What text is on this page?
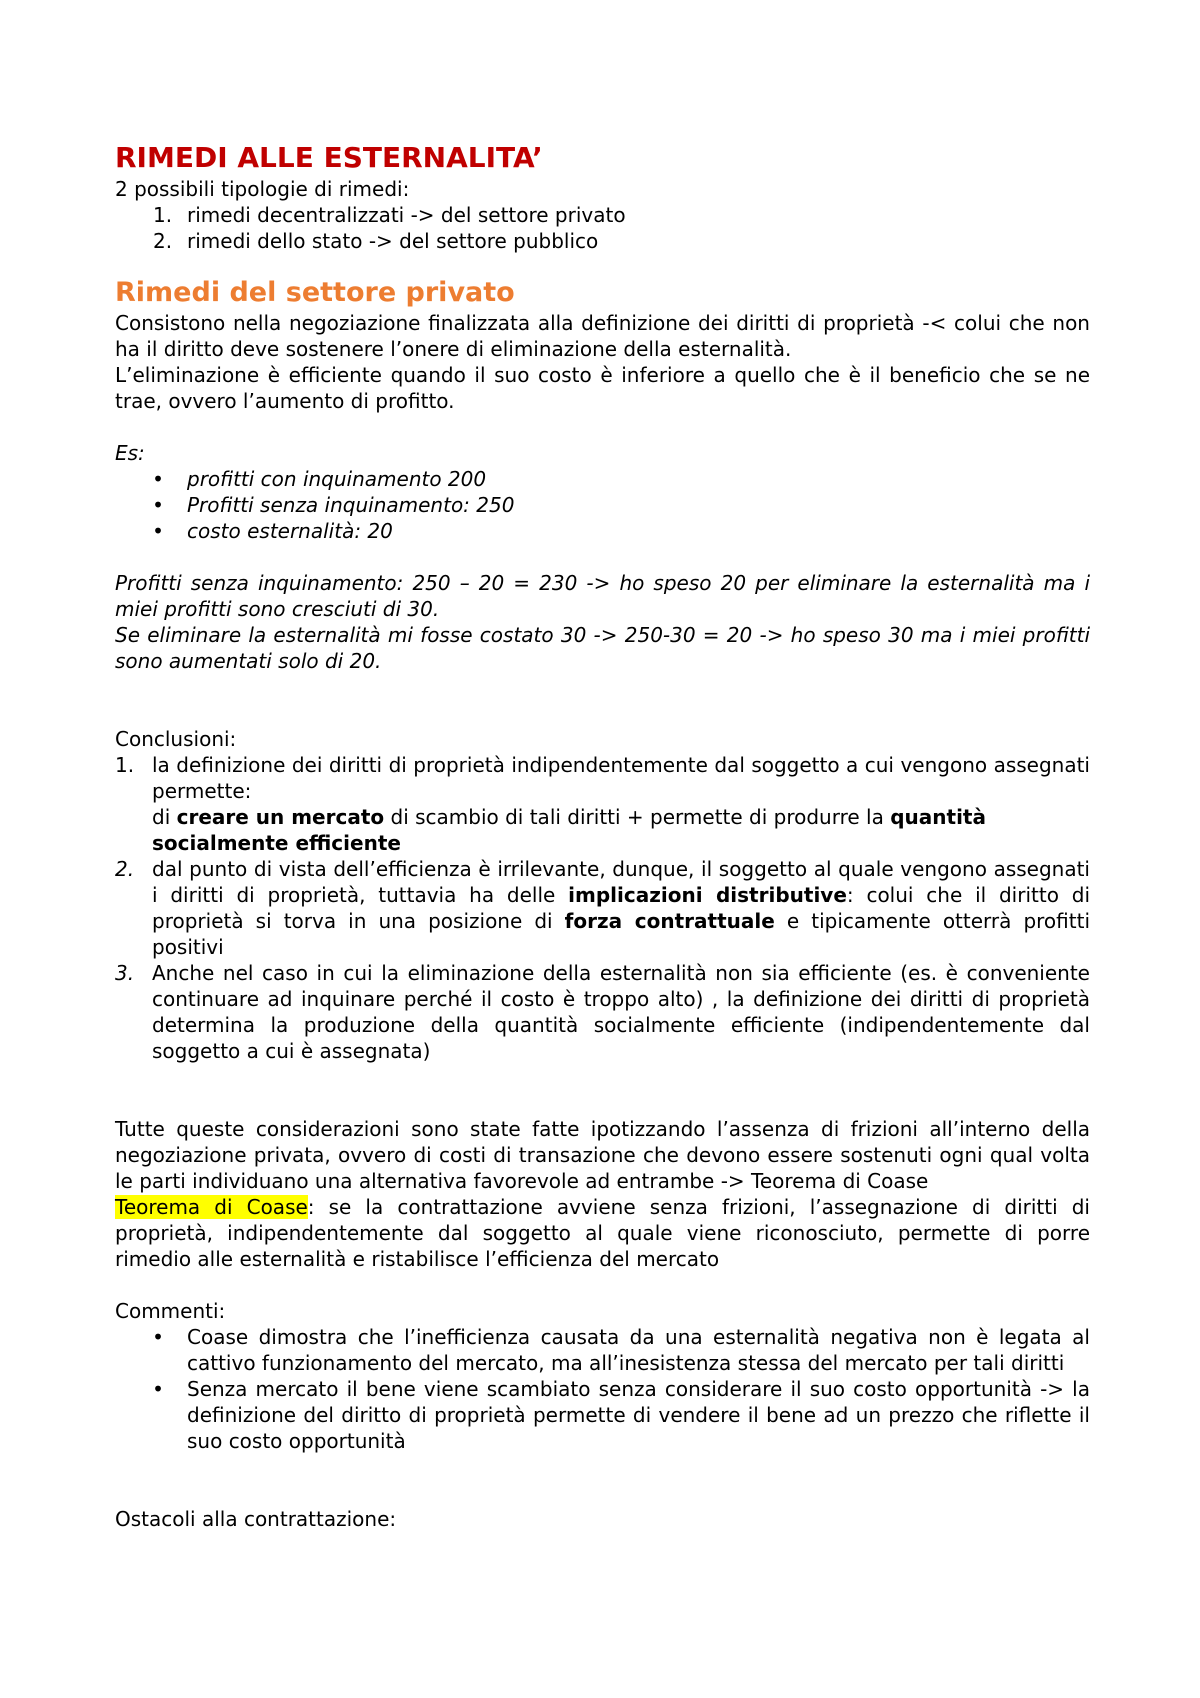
RIMEDI ALLE ESTERNALITA’

2 possibili tipologie di rimedi:

1. rimedi decentralizzati -> del settore privato
2. rimedi dello stato -> del settore pubblico
Rimedi del settore privato

Consistono nella negoziazione finalizzata alla definizione dei diritti di proprietà -< colui che non ha il diritto deve sostenere l’onere di eliminazione della esternalità.

L’eliminazione è efficiente quando il suo costo è inferiore a quello che è il beneficio che se ne trae, ovvero l’aumento di profitto.

Es:

• profitti con inquinamento 200
• Profitti senza inquinamento: 250
• costo esternalità: 20

Profitti senza inquinamento: 250 – 20 = 230 -> ho speso 20 per eliminare la esternalità ma i miei profitti sono cresciuti di 30.

Se eliminare la esternalità mi fosse costato 30 -> 250-30 = 20 -> ho speso 30 ma i miei profitti sono aumentati solo di 20.

Conclusioni:

1. la definizione dei diritti di proprietà indipendentemente dal soggetto a cui vengono assegnati permette:

di creare un mercato di scambio di tali diritti + permette di produrre la quantità socialmente efficiente

2. dal punto di vista dell’efficienza è irrilevante, dunque, il soggetto al quale vengono assegnati i diritti di proprietà, tuttavia ha delle implicazioni distributive: colui che il diritto di proprietà si torva in una posizione di forza contrattuale e tipicamente otterrà profitti positivi

3. Anche nel caso in cui la eliminazione della esternalità non sia efficiente (es. è conveniente continuare ad inquinare perché il costo è troppo alto) , la definizione dei diritti di proprietà determina la produzione della quantità socialmente efficiente (indipendentemente dal soggetto a cui è assegnata)

Tutte queste considerazioni sono state fatte ipotizzando l’assenza di frizioni all’interno della negoziazione privata, ovvero di costi di transazione che devono essere sostenuti ogni qual volta le parti individuano una alternativa favorevole ad entrambe -> Teorema di Coase

Teorema di Coase: se la contrattazione avviene senza frizioni, l’assegnazione di diritti di proprietà, indipendentemente dal soggetto al quale viene riconosciuto, permette di porre rimedio alle esternalità e ristabilisce l’efficienza del mercato

Commenti:

• Coase dimostra che l’inefficienza causata da una esternalità negativa non è legata al cattivo funzionamento del mercato, ma all’inesistenza stessa del mercato per tali diritti
• Senza mercato il bene viene scambiato senza considerare il suo costo opportunità -> la definizione del diritto di proprietà permette di vendere il bene ad un prezzo che riflette il suo costo opportunità

Ostacoli alla contrattazione:
